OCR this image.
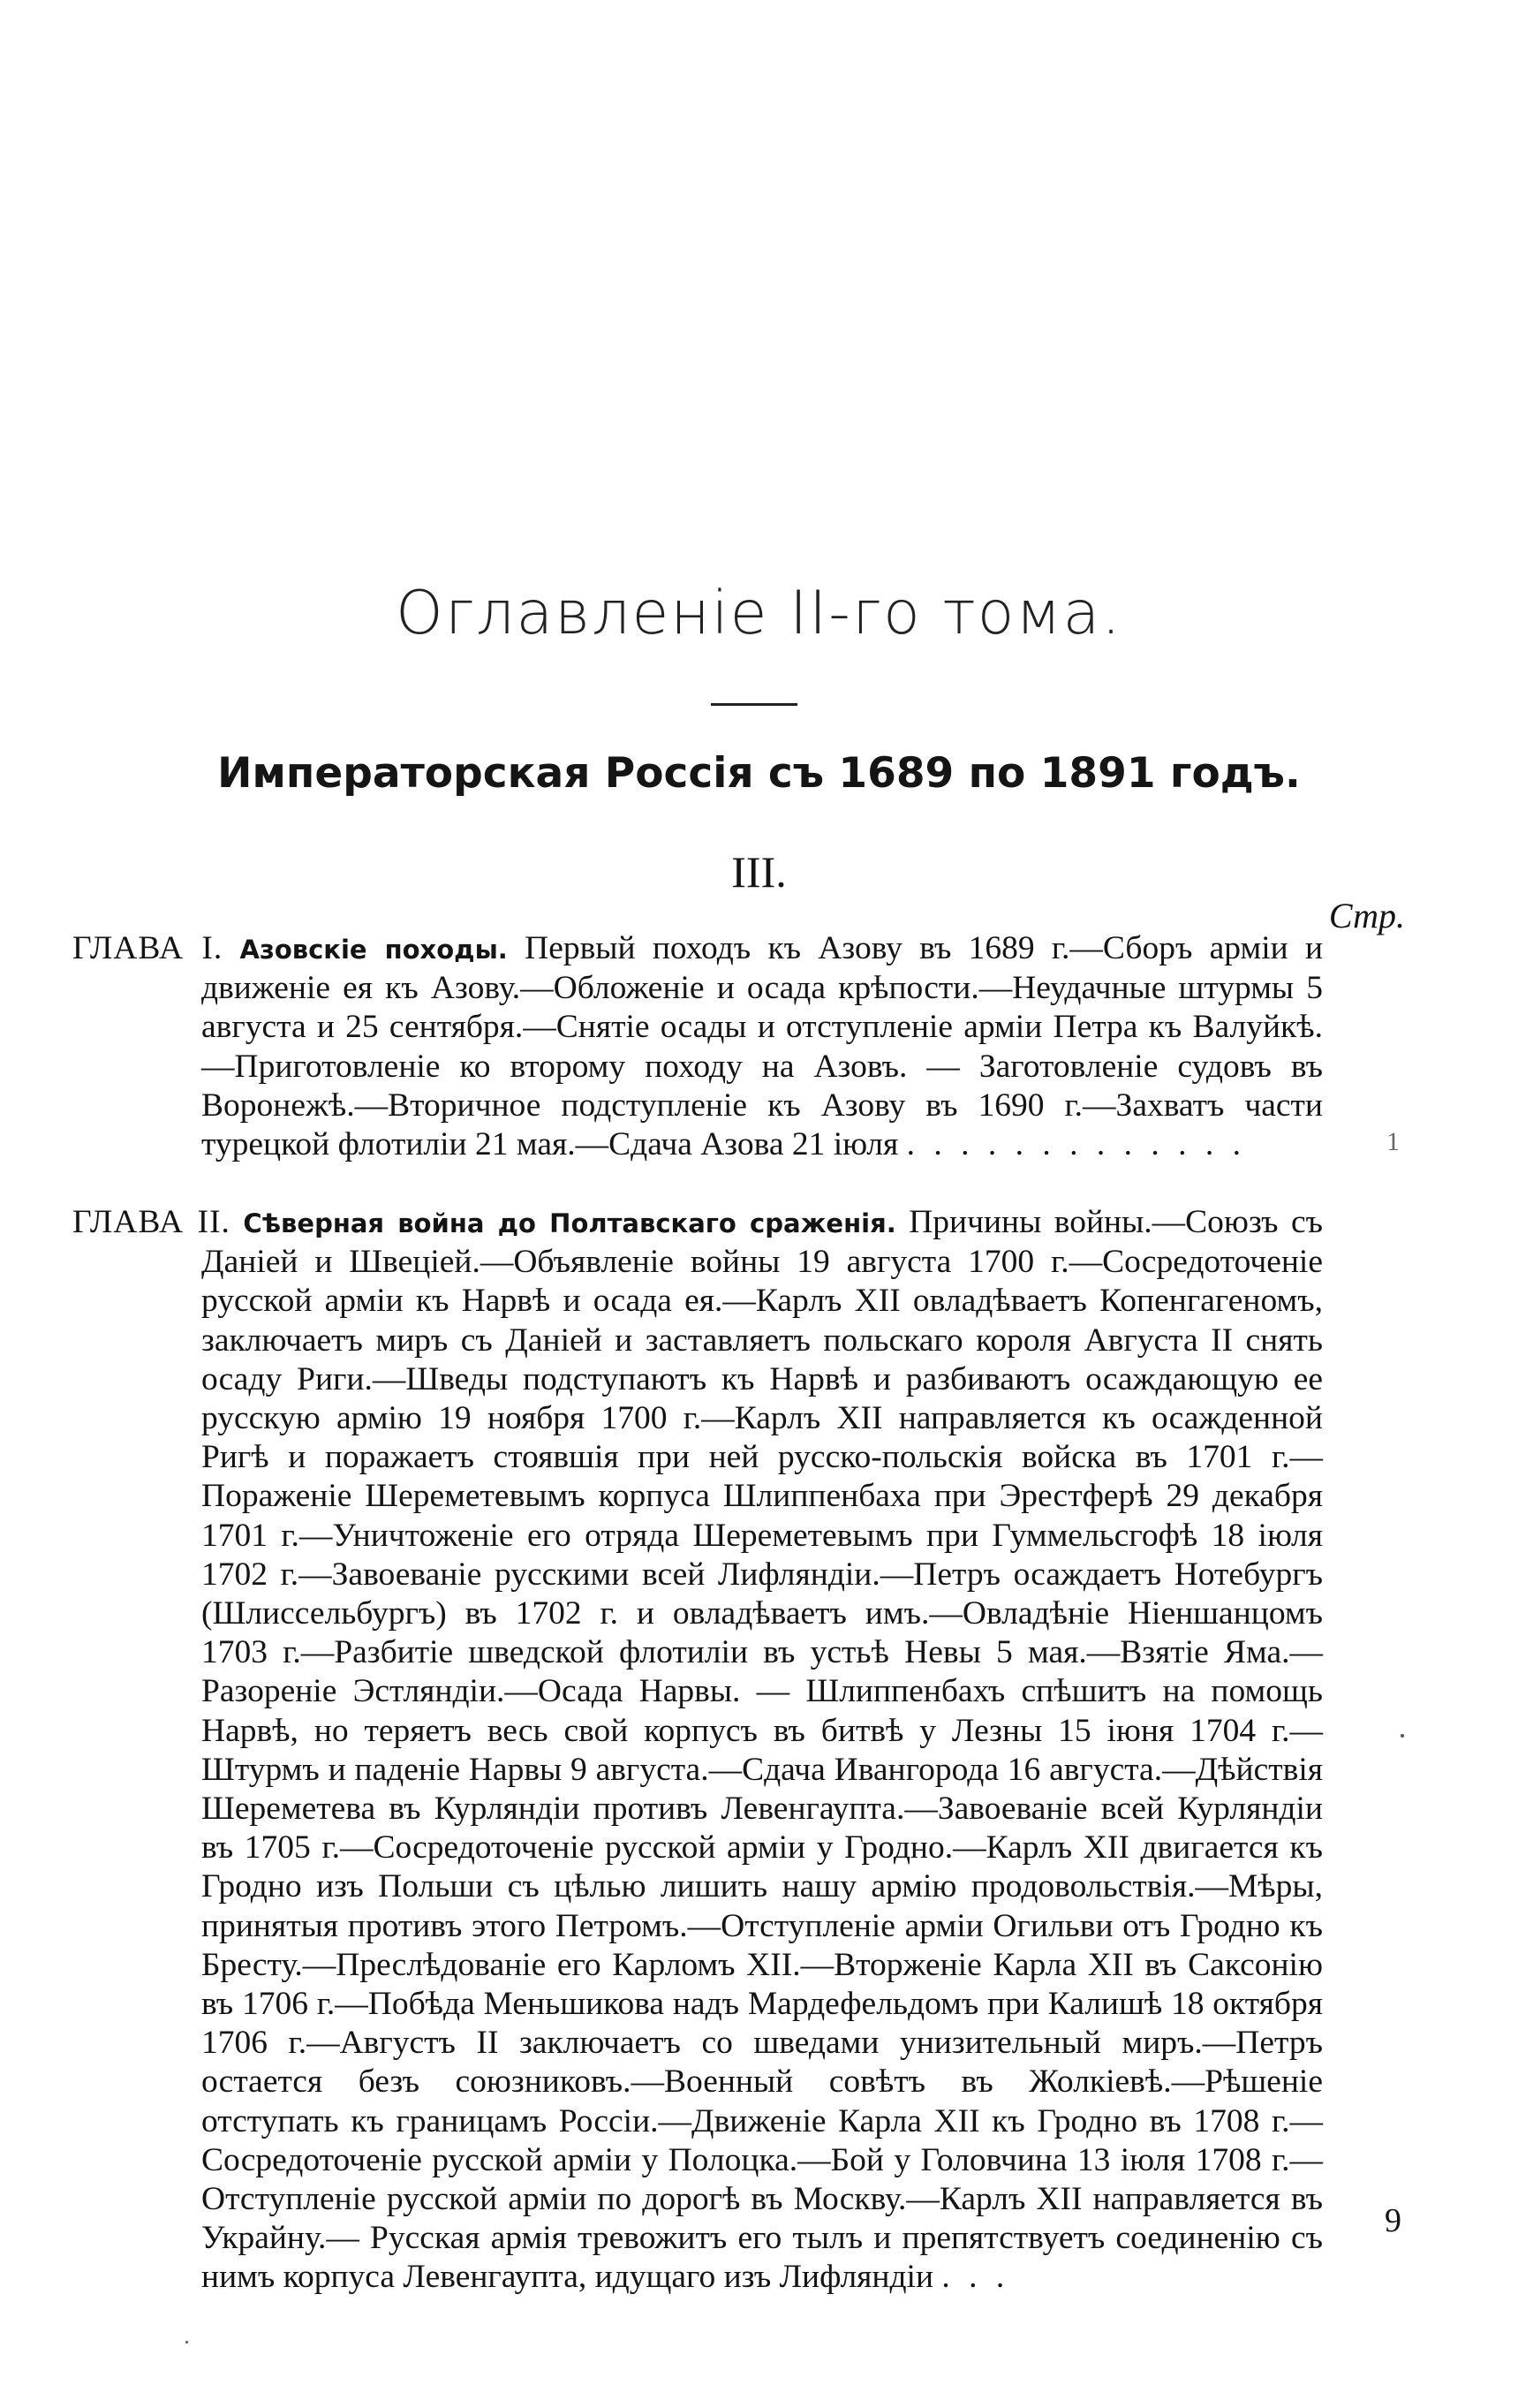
Оглавленіе II-го тома.
Императорская Россія съ 1689 по 1891 годъ.
III.
Стр.

ГЛАВА I. Азовскіе походы. Первый походъ къ Азову въ 1689 г.—Сборъ арміи и движеніе ея къ Азову.—Обложеніе и осада крѣпости.—Неудачные штурмы 5 августа и 25 сентября.—Снятіе осады и отступленіе арміи Петра къ Валуйкѣ.—Приготовленіе ко второму походу на Азовъ. — Заготовленіе судовъ въ Воронежѣ.—Вторичное подступленіе къ Азову въ 1690 г.—Захватъ части турецкой флотиліи 21 мая.—Сдача Азова 21 іюля . . . . . . . . . . . . .	1

ГЛАВА II. Сѣверная война до Полтавскаго сраженія. Причины войны.—Союзъ съ Даніей и Швеціей.—Объявленіе войны 19 августа 1700 г.—Сосредоточеніе русской арміи къ Нарвѣ и осада ея.—Карлъ XII овладѣваетъ Копенгагеномъ, заключаетъ миръ съ Даніей и заставляетъ польскаго короля Августа II снять осаду Риги.—Шведы подступаютъ къ Нарвѣ и разбиваютъ осаждающую ее русскую армію 19 ноября 1700 г.—Карлъ XII направляется къ осажденной Ригѣ и поражаетъ стоявшія при ней русско-польскія войска въ 1701 г.—Пораженіе Шереметевымъ корпуса Шлиппенбаха при Эрестферѣ 29 декабря 1701 г.—Уничтоженіе его отряда Шереметевымъ при Гуммельсгофѣ 18 іюля 1702 г.—Завоеваніе русскими всей Лифляндіи.—Петръ осаждаетъ Нотебургъ (Шлиссельбургъ) въ 1702 г. и овладѣваетъ имъ.—Овладѣніе Ніеншанцомъ 1703 г.—Разбитіе шведской флотиліи въ устьѣ Невы 5 мая.—Взятіе Яма.—Разореніе Эстляндіи.—Осада Нарвы. — Шлиппенбахъ спѣшитъ на помощь Нарвѣ, но теряетъ весь свой корпусъ въ битвѣ у Лезны 15 іюня 1704 г.—Штурмъ и паденіе Нарвы 9 августа.—Сдача Ивангорода 16 августа.—Дѣйствія Шереметева въ Курляндіи противъ Левенгаупта.—Завоеваніе всей Курляндіи въ 1705 г.—Сосредоточеніе русской арміи у Гродно.—Карлъ XII двигается къ Гродно изъ Польши съ цѣлью лишить нашу армію продовольствія.—Мѣры, принятыя противъ этого Петромъ.—Отступленіе арміи Огильви отъ Гродно къ Бресту.—Преслѣдованіе его Карломъ XII.—Вторженіе Карла XII въ Саксонію въ 1706 г.—Побѣда Меньшикова надъ Мардефельдомъ при Калишѣ 18 октября 1706 г.—Августъ II заключаетъ со шведами унизительный миръ.—Петръ остается безъ союзниковъ.—Военный совѣтъ въ Жолкіевѣ.—Рѣшеніе отступать къ границамъ Россіи.—Движеніе Карла XII къ Гродно въ 1708 г.—Сосредоточеніе русской арміи у Полоцка.—Бой у Головчина 13 іюля 1708 г.—Отступленіе русской арміи по дорогѣ въ Москву.—Карлъ XII направляется въ Украйну.— Русская армія тревожитъ его тылъ и препятствуетъ соединенію съ нимъ корпуса Левенгаупта, идущаго изъ Лифляндіи . . .

9
